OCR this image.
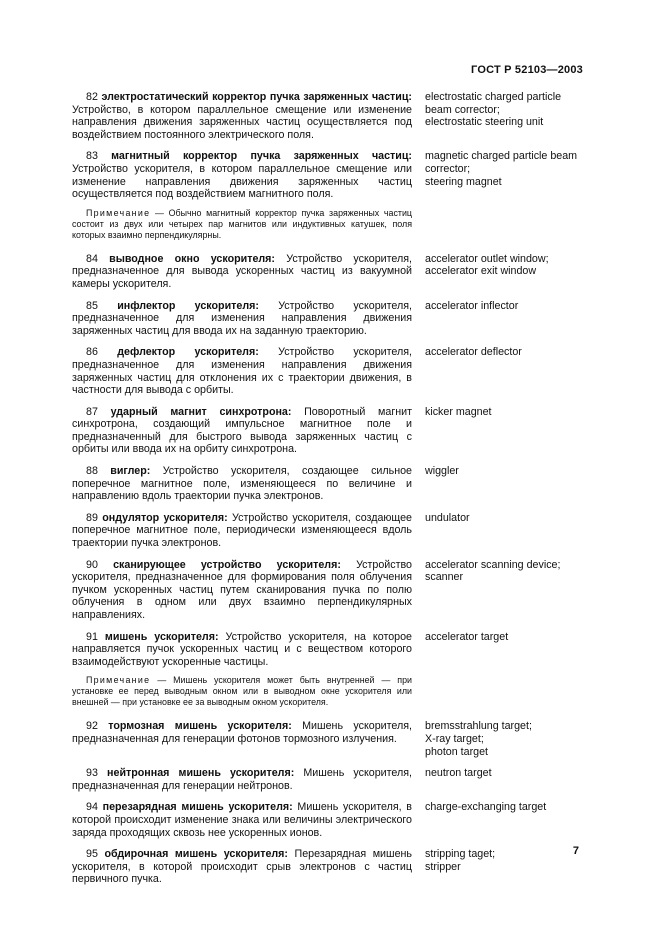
ГОСТ Р 52103—2003
82 электростатический корректор пучка заряженных частиц: Устройство, в котором параллельное смещение или изменение направления движения заряженных частиц осуществляется под воздействием постоянного электрического поля.
electrostatic charged particle
beam corrector;
electrostatic steering unit
83 магнитный корректор пучка заряженных частиц: Устройство ускорителя, в котором параллельное смещение или изменение направления движения заряженных частиц осуществляется под воздействием магнитного поля.
magnetic charged particle beam
corrector;
steering magnet
Примечание — Обычно магнитный корректор пучка заряженных частиц состоит из двух или четырех пар магнитов или индуктивных катушек, поля которых взаимно перпендикулярны.
84 выводное окно ускорителя: Устройство ускорителя, предназначенное для вывода ускоренных частиц из вакуумной камеры ускорителя.
accelerator outlet window;
accelerator exit window
85 инфлектор ускорителя: Устройство ускорителя, предназначенное для изменения направления движения заряженных частиц для ввода их на заданную траекторию.
accelerator inflector
86 дефлектор ускорителя: Устройство ускорителя, предназначенное для изменения направления движения заряженных частиц для отклонения их с траектории движения, в частности для вывода с орбиты.
accelerator deflector
87 ударный магнит синхротрона: Поворотный магнит синхротрона, создающий импульсное магнитное поле и предназначенный для быстрого вывода заряженных частиц с орбиты или ввода их на орбиту синхротрона.
kicker magnet
88 виглер: Устройство ускорителя, создающее сильное поперечное магнитное поле, изменяющееся по величине и направлению вдоль траектории пучка электронов.
wiggler
89 ондулятор ускорителя: Устройство ускорителя, создающее поперечное магнитное поле, периодически изменяющееся вдоль траектории пучка электронов.
undulator
90 сканирующее устройство ускорителя: Устройство ускорителя, предназначенное для формирования поля облучения пучком ускоренных частиц путем сканирования пучка по полю облучения в одном или двух взаимно перпендикулярных направлениях.
accelerator scanning device;
scanner
91 мишень ускорителя: Устройство ускорителя, на которое направляется пучок ускоренных частиц и с веществом которого взаимодействуют ускоренные частицы.
accelerator target
Примечание — Мишень ускорителя может быть внутренней — при установке ее перед выводным окном или в выводном окне ускорителя или внешней — при установке ее за выводным окном ускорителя.
92 тормозная мишень ускорителя: Мишень ускорителя, предназначенная для генерации фотонов тормозного излучения.
bremsstrahlung target;
X-ray target;
photon target
93 нейтронная мишень ускорителя: Мишень ускорителя, предназначенная для генерации нейтронов.
neutron target
94 перезарядная мишень ускорителя: Мишень ускорителя, в которой происходит изменение знака или величины электрического заряда проходящих сквозь нее ускоренных ионов.
charge-exchanging target
95 обдирочная мишень ускорителя: Перезарядная мишень ускорителя, в которой происходит срыв электронов с частиц первичного пучка.
stripping taget;
stripper
7
